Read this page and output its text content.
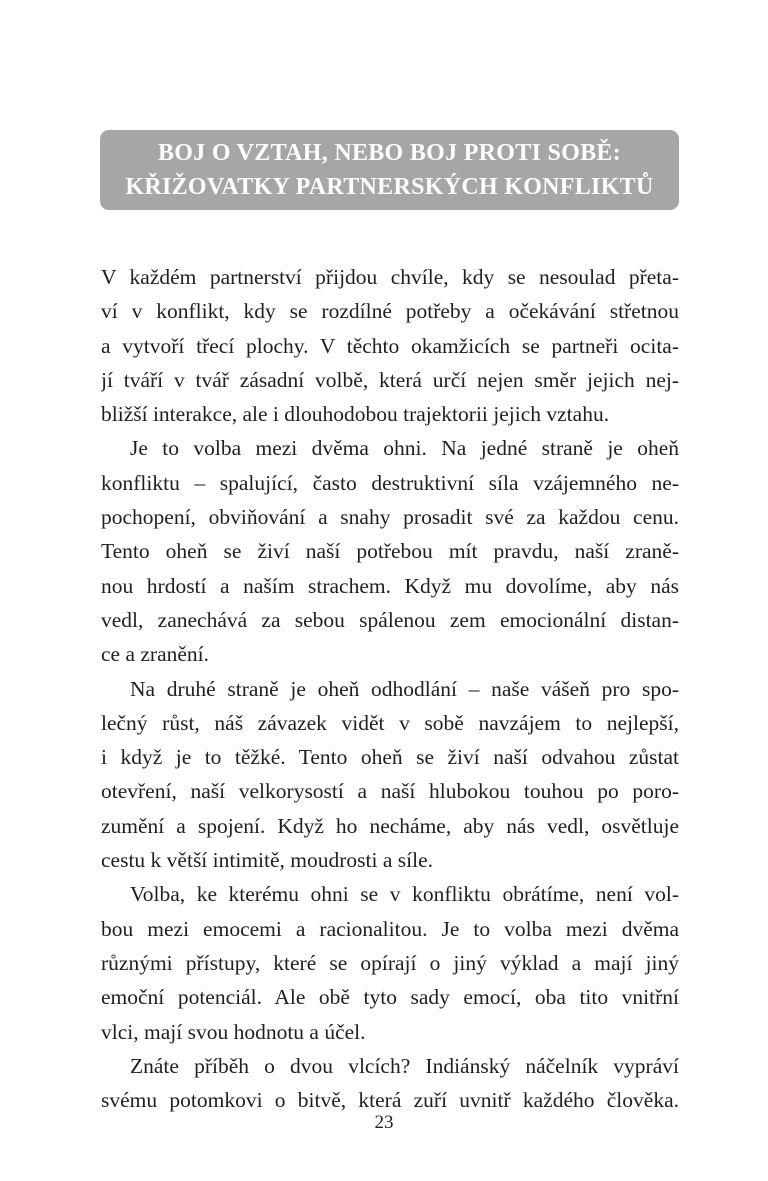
BOJ O VZTAH, NEBO BOJ PROTI SOBĚ:
KŘIŽOVATKY PARTNERSKÝCH KONFLIKTŮ
V každém partnerství přijdou chvíle, kdy se nesoulad přeta-
ví v konflikt, kdy se rozdílné potřeby a očekávání střetnou
a vytvoří třecí plochy. V těchto okamžicích se partneři ocita-
jí tváří v tvář zásadní volbě, která určí nejen směr jejich nej-
bližší interakce, ale i dlouhodobou trajektorii jejich vztahu.
Je to volba mezi dvěma ohni. Na jedné straně je oheň
konfliktu – spalující, často destruktivní síla vzájemného ne-
pochopení, obviňování a snahy prosadit své za každou cenu.
Tento oheň se živí naší potřebou mít pravdu, naší zraně-
nou hrdostí a naším strachem. Když mu dovolíme, aby nás
vedl, zanechává za sebou spálenou zem emocionální distan-
ce a zranění.
Na druhé straně je oheň odhodlání – naše vášeň pro spo-
lečný růst, náš závazek vidět v sobě navzájem to nejlepší,
i když je to těžké. Tento oheň se živí naší odvahou zůstat
otevření, naší velkorysostí a naší hlubokou touhou po poro-
zumění a spojení. Když ho necháme, aby nás vedl, osvětluje
cestu k větší intimitě, moudrosti a síle.
Volba, ke kterému ohni se v konfliktu obrátíme, není vol-
bou mezi emocemi a racionalitou. Je to volba mezi dvěma
různými přístupy, které se opírají o jiný výklad a mají jiný
emoční potenciál. Ale obě tyto sady emocí, oba tito vnitřní
vlci, mají svou hodnotu a účel.
Znáte příběh o dvou vlcích? Indiánský náčelník vypráví
svému potomkovi o bitvě, která zuří uvnitř každého člověka.
23
